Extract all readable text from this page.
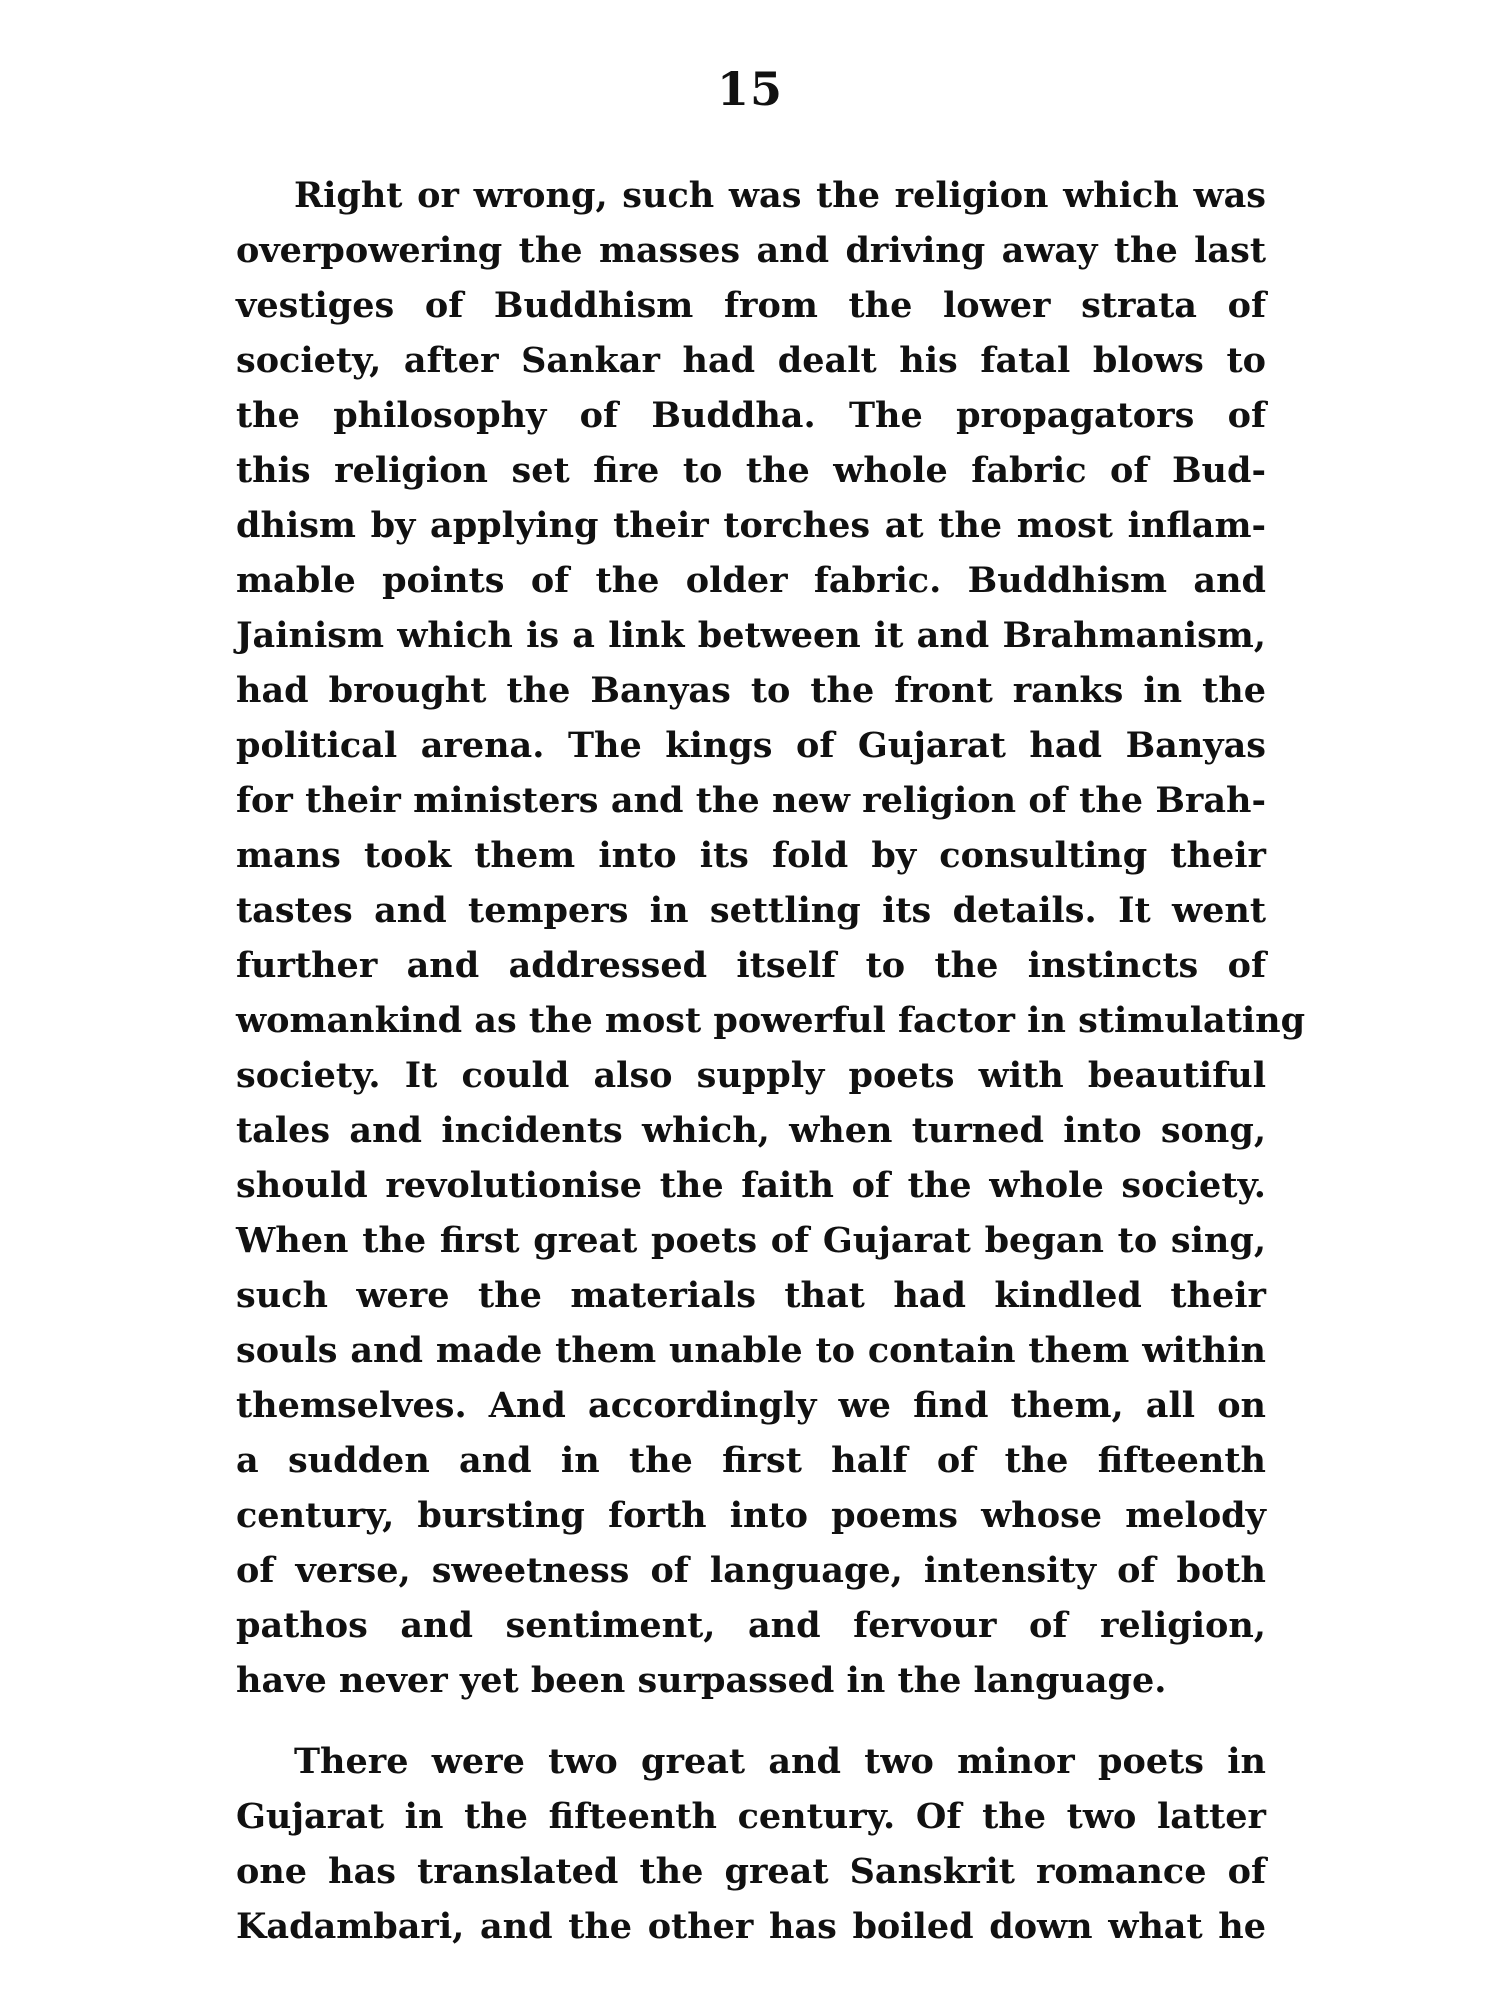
15
Right or wrong, such was the religion which was
overpowering the masses and driving away the last
vestiges of Buddhism from the lower strata of
society, after Sankar had dealt his fatal blows to
the philosophy of Buddha. The propagators of
this religion set fire to the whole fabric of Bud-
dhism by applying their torches at the most inflam-
mable points of the older fabric. Buddhism and
Jainism which is a link between it and Brahmanism,
had brought the Banyas to the front ranks in the
political arena. The kings of Gujarat had Banyas
for their ministers and the new religion of the Brah-
mans took them into its fold by consulting their
tastes and tempers in settling its details. It went
further and addressed itself to the instincts of
womankind as the most powerful factor in stimulating
society. It could also supply poets with beautiful
tales and incidents which, when turned into song,
should revolutionise the faith of the whole society.
When the first great poets of Gujarat began to sing,
such were the materials that had kindled their
souls and made them unable to contain them within
themselves. And accordingly we find them, all on
a sudden and in the first half of the fifteenth
century, bursting forth into poems whose melody
of verse, sweetness of language, intensity of both
pathos and sentiment, and fervour of religion,
have never yet been surpassed in the language.
There were two great and two minor poets in
Gujarat in the fifteenth century. Of the two latter
one has translated the great Sanskrit romance of
Kadambari, and the other has boiled down what he
